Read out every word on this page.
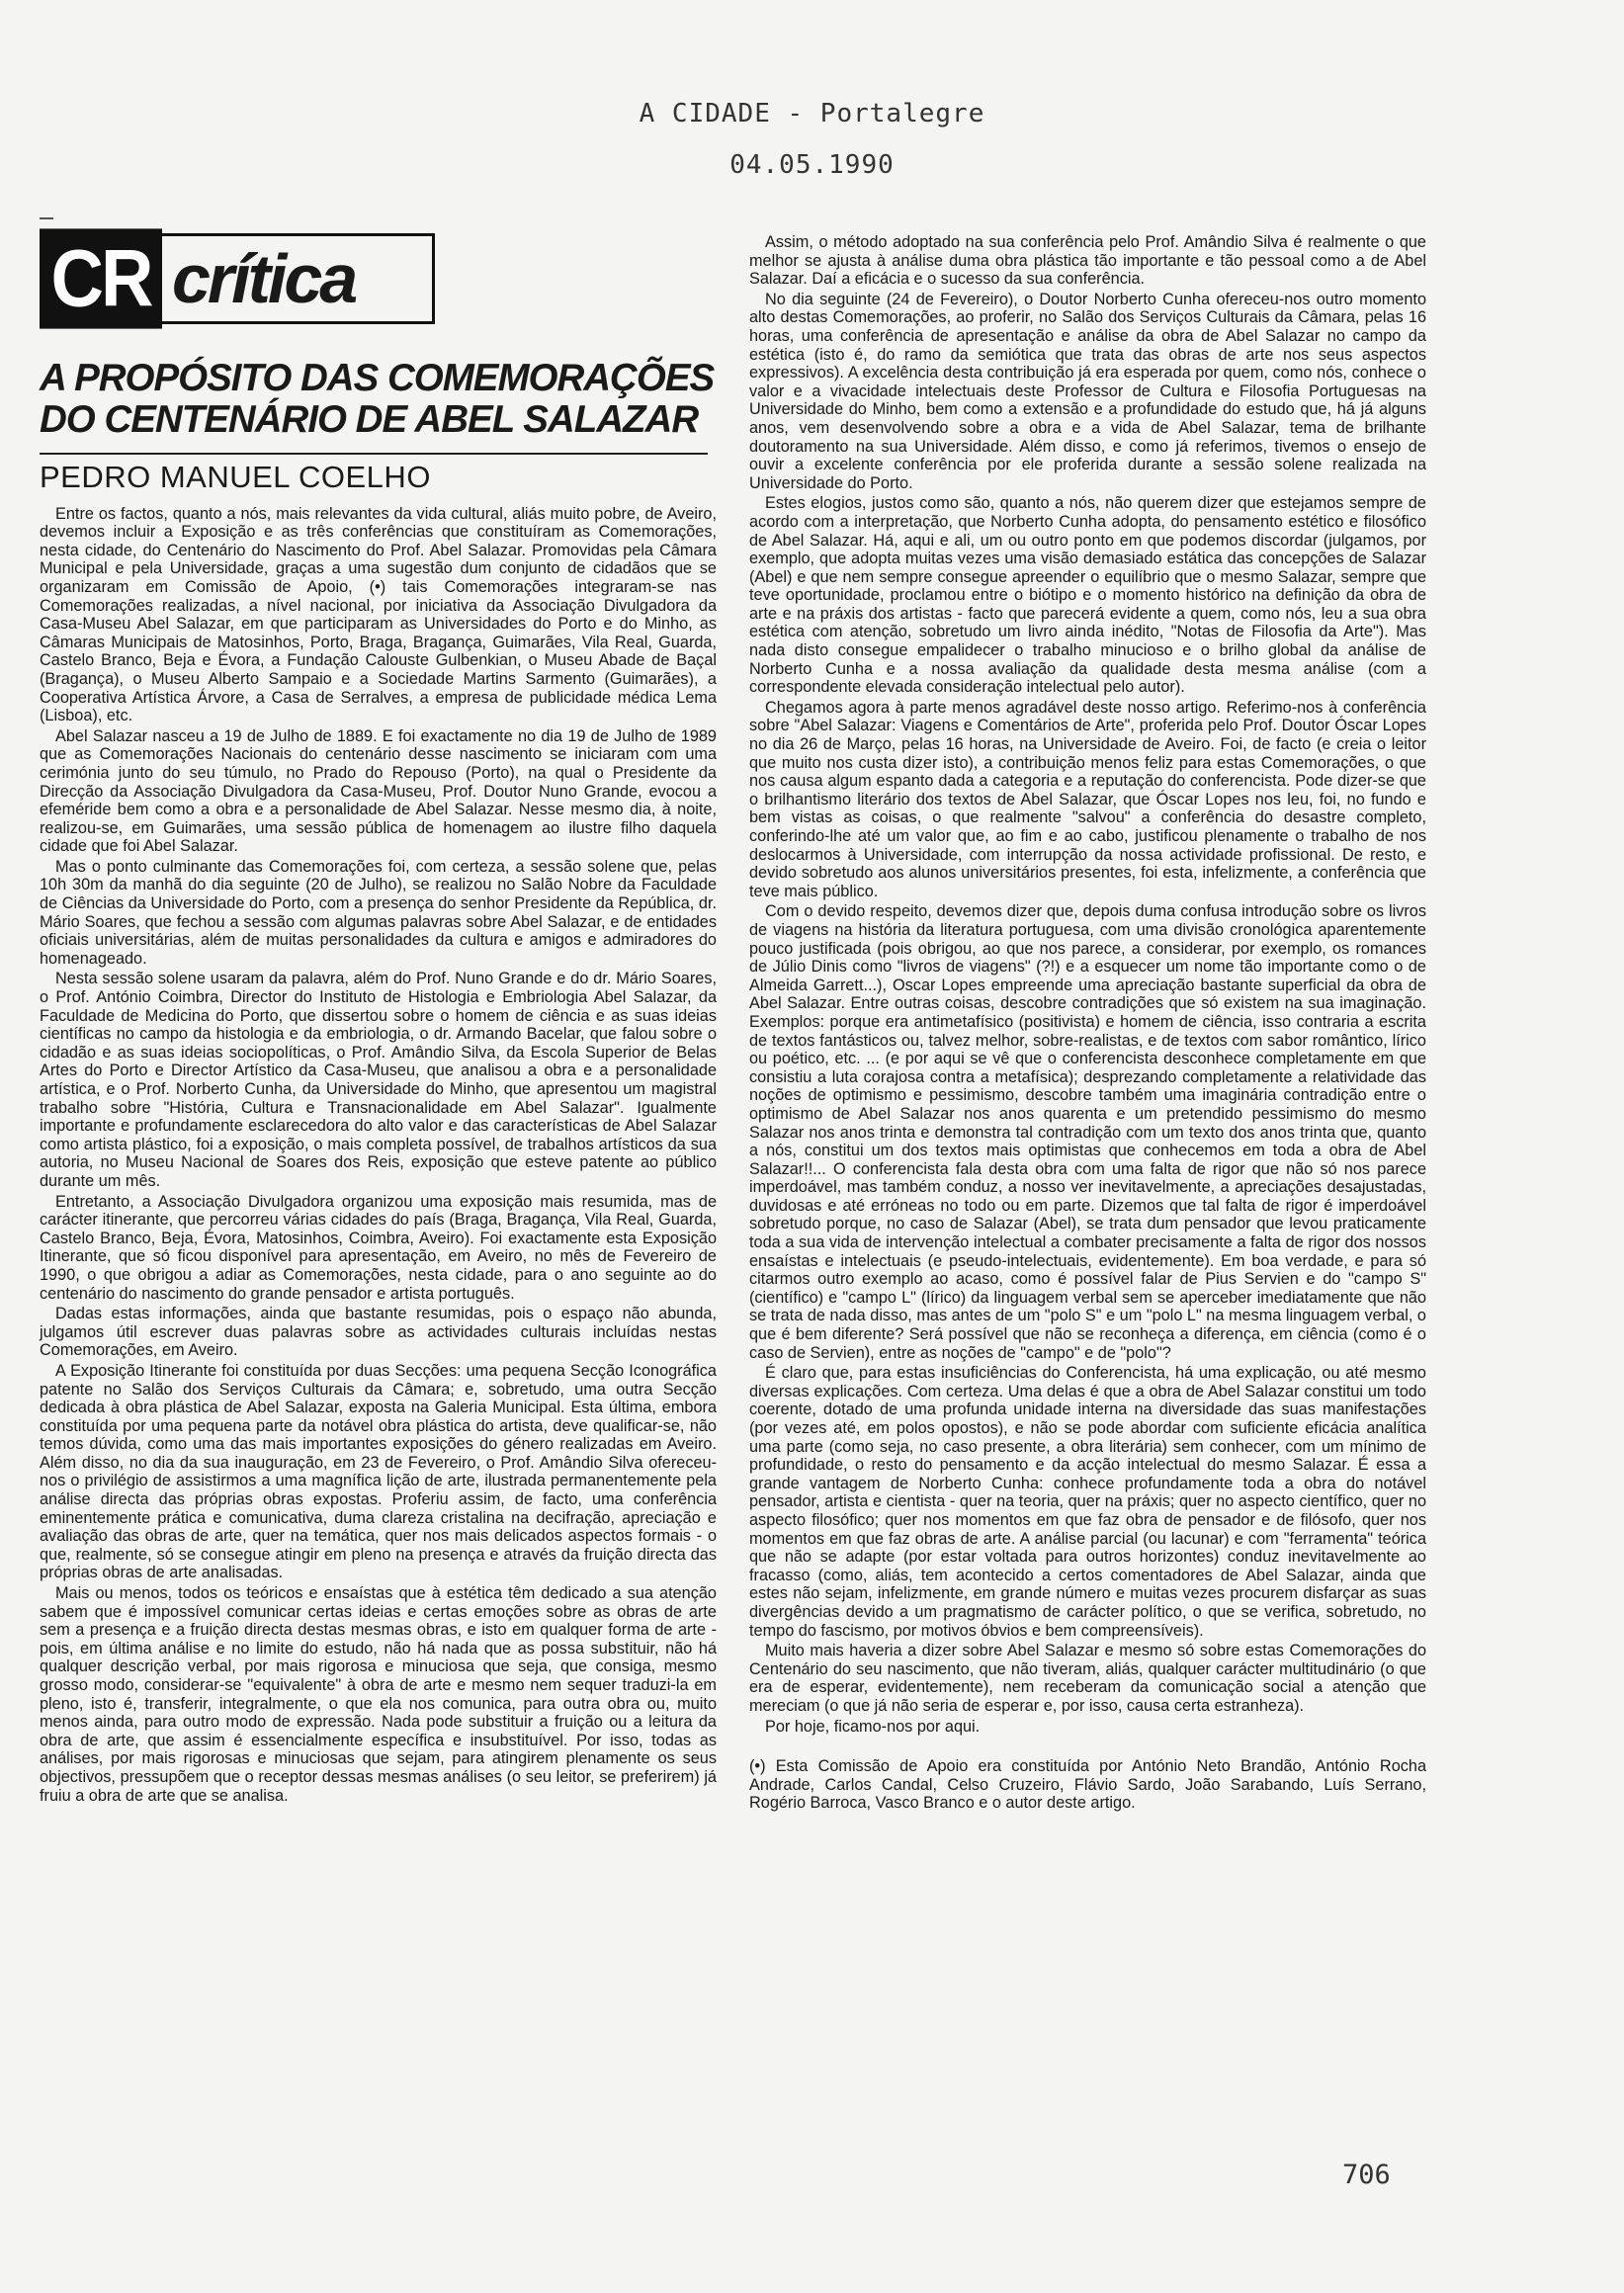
A CIDADE - Portalegre
04.05.1990
CR crítica
A PROPÓSITO DAS COMEMORAÇÕES
DO CENTENÁRIO DE ABEL SALAZAR
PEDRO MANUEL COELHO

Entre os factos, quanto a nós, mais relevantes da vida cultural, aliás muito pobre, de Aveiro, devemos incluir a Exposição e as três conferências que constituíram as Comemorações, nesta cidade, do Centenário do Nascimento do Prof. Abel Salazar. Promovidas pela Câmara Municipal e pela Universidade, graças a uma sugestão dum conjunto de cidadãos que se organizaram em Comissão de Apoio, (•) tais Comemorações integraram-se nas Comemorações realizadas, a nível nacional, por iniciativa da Associação Divulgadora da Casa-Museu Abel Salazar, em que participaram as Universidades do Porto e do Minho, as Câmaras Municipais de Matosinhos, Porto, Braga, Bragança, Guimarães, Vila Real, Guarda, Castelo Branco, Beja e Évora, a Fundação Calouste Gulbenkian, o Museu Abade de Baçal (Bragança), o Museu Alberto Sampaio e a Sociedade Martins Sarmento (Guimarães), a Cooperativa Artística Árvore, a Casa de Serralves, a empresa de publicidade médica Lema (Lisboa), etc.

Abel Salazar nasceu a 19 de Julho de 1889. E foi exactamente no dia 19 de Julho de 1989 que as Comemorações Nacionais do centenário desse nascimento se iniciaram com uma cerimónia junto do seu túmulo, no Prado do Repouso (Porto), na qual o Presidente da Direcção da Associação Divulgadora da Casa-Museu, Prof. Doutor Nuno Grande, evocou a efeméride bem como a obra e a personalidade de Abel Salazar. Nesse mesmo dia, à noite, realizou-se, em Guimarães, uma sessão pública de homenagem ao ilustre filho daquela cidade que foi Abel Salazar.

Mas o ponto culminante das Comemorações foi, com certeza, a sessão solene que, pelas 10h 30m da manhã do dia seguinte (20 de Julho), se realizou no Salão Nobre da Faculdade de Ciências da Universidade do Porto, com a presença do senhor Presidente da República, dr. Mário Soares, que fechou a sessão com algumas palavras sobre Abel Salazar, e de entidades oficiais universitárias, além de muitas personalidades da cultura e amigos e admiradores do homenageado.

Nesta sessão solene usaram da palavra, além do Prof. Nuno Grande e do dr. Mário Soares, o Prof. António Coimbra, Director do Instituto de Histologia e Embriologia Abel Salazar, da Faculdade de Medicina do Porto, que dissertou sobre o homem de ciência e as suas ideias científicas no campo da histologia e da embriologia, o dr. Armando Bacelar, que falou sobre o cidadão e as suas ideias sociopolíticas, o Prof. Amândio Silva, da Escola Superior de Belas Artes do Porto e Director Artístico da Casa-Museu, que analisou a obra e a personalidade artística, e o Prof. Norberto Cunha, da Universidade do Minho, que apresentou um magistral trabalho sobre "História, Cultura e Transnacionalidade em Abel Salazar". Igualmente importante e profundamente esclarecedora do alto valor e das características de Abel Salazar como artista plástico, foi a exposição, o mais completa possível, de trabalhos artísticos da sua autoria, no Museu Nacional de Soares dos Reis, exposição que esteve patente ao público durante um mês.

Entretanto, a Associação Divulgadora organizou uma exposição mais resumida, mas de carácter itinerante, que percorreu várias cidades do país (Braga, Bragança, Vila Real, Guarda, Castelo Branco, Beja, Évora, Matosinhos, Coimbra, Aveiro). Foi exactamente esta Exposição Itinerante, que só ficou disponível para apresentação, em Aveiro, no mês de Fevereiro de 1990, o que obrigou a adiar as Comemorações, nesta cidade, para o ano seguinte ao do centenário do nascimento do grande pensador e artista português.

Dadas estas informações, ainda que bastante resumidas, pois o espaço não abunda, julgamos útil escrever duas palavras sobre as actividades culturais incluídas nestas Comemorações, em Aveiro.

A Exposição Itinerante foi constituída por duas Secções: uma pequena Secção Iconográfica patente no Salão dos Serviços Culturais da Câmara; e, sobretudo, uma outra Secção dedicada à obra plástica de Abel Salazar, exposta na Galeria Municipal. Esta última, embora constituída por uma pequena parte da notável obra plástica do artista, deve qualificar-se, não temos dúvida, como uma das mais importantes exposições do género realizadas em Aveiro. Além disso, no dia da sua inauguração, em 23 de Fevereiro, o Prof. Amândio Silva ofereceu-nos o privilégio de assistirmos a uma magnífica lição de arte, ilustrada permanentemente pela análise directa das próprias obras expostas. Proferiu assim, de facto, uma conferência eminentemente prática e comunicativa, duma clareza cristalina na decifração, apreciação e avaliação das obras de arte, quer na temática, quer nos mais delicados aspectos formais - o que, realmente, só se consegue atingir em pleno na presença e através da fruição directa das próprias obras de arte analisadas.

Mais ou menos, todos os teóricos e ensaístas que à estética têm dedicado a sua atenção sabem que é impossível comunicar certas ideias e certas emoções sobre as obras de arte sem a presença e a fruição directa destas mesmas obras, e isto em qualquer forma de arte - pois, em última análise e no limite do estudo, não há nada que as possa substituir, não há qualquer descrição verbal, por mais rigorosa e minuciosa que seja, que consiga, mesmo grosso modo, considerar-se "equivalente" à obra de arte e mesmo nem sequer traduzi-la em pleno, isto é, transferir, integralmente, o que ela nos comunica, para outra obra ou, muito menos ainda, para outro modo de expressão. Nada pode substituir a fruição ou a leitura da obra de arte, que assim é essencialmente específica e insubstituível. Por isso, todas as análises, por mais rigorosas e minuciosas que sejam, para atingirem plenamente os seus objectivos, pressupõem que o receptor dessas mesmas análises (o seu leitor, se preferirem) já fruiu a obra de arte que se analisa.

Assim, o método adoptado na sua conferência pelo Prof. Amândio Silva é realmente o que melhor se ajusta à análise duma obra plástica tão importante e tão pessoal como a de Abel Salazar. Daí a eficácia e o sucesso da sua conferência.

No dia seguinte (24 de Fevereiro), o Doutor Norberto Cunha ofereceu-nos outro momento alto destas Comemorações, ao proferir, no Salão dos Serviços Culturais da Câmara, pelas 16 horas, uma conferência de apresentação e análise da obra de Abel Salazar no campo da estética (isto é, do ramo da semiótica que trata das obras de arte nos seus aspectos expressivos). A excelência desta contribuição já era esperada por quem, como nós, conhece o valor e a vivacidade intelectuais deste Professor de Cultura e Filosofia Portuguesas na Universidade do Minho, bem como a extensão e a profundidade do estudo que, há já alguns anos, vem desenvolvendo sobre a obra e a vida de Abel Salazar, tema de brilhante doutoramento na sua Universidade. Além disso, e como já referimos, tivemos o ensejo de ouvir a excelente conferência por ele proferida durante a sessão solene realizada na Universidade do Porto.

Estes elogios, justos como são, quanto a nós, não querem dizer que estejamos sempre de acordo com a interpretação, que Norberto Cunha adopta, do pensamento estético e filosófico de Abel Salazar. Há, aqui e ali, um ou outro ponto em que podemos discordar (julgamos, por exemplo, que adopta muitas vezes uma visão demasiado estática das concepções de Salazar (Abel) e que nem sempre consegue apreender o equilíbrio que o mesmo Salazar, sempre que teve oportunidade, proclamou entre o biótipo e o momento histórico na definição da obra de arte e na práxis dos artistas - facto que parecerá evidente a quem, como nós, leu a sua obra estética com atenção, sobretudo um livro ainda inédito, "Notas de Filosofia da Arte"). Mas nada disto consegue empalidecer o trabalho minucioso e o brilho global da análise de Norberto Cunha e a nossa avaliação da qualidade desta mesma análise (com a correspondente elevada consideração intelectual pelo autor).

Chegamos agora à parte menos agradável deste nosso artigo. Referimo-nos à conferência sobre "Abel Salazar: Viagens e Comentários de Arte", proferida pelo Prof. Doutor Óscar Lopes no dia 26 de Março, pelas 16 horas, na Universidade de Aveiro. Foi, de facto (e creia o leitor que muito nos custa dizer isto), a contribuição menos feliz para estas Comemorações, o que nos causa algum espanto dada a categoria e a reputação do conferencista. Pode dizer-se que o brilhantismo literário dos textos de Abel Salazar, que Óscar Lopes nos leu, foi, no fundo e bem vistas as coisas, o que realmente "salvou" a conferência do desastre completo, conferindo-lhe até um valor que, ao fim e ao cabo, justificou plenamente o trabalho de nos deslocarmos à Universidade, com interrupção da nossa actividade profissional. De resto, e devido sobretudo aos alunos universitários presentes, foi esta, infelizmente, a conferência que teve mais público.

Com o devido respeito, devemos dizer que, depois duma confusa introdução sobre os livros de viagens na história da literatura portuguesa, com uma divisão cronológica aparentemente pouco justificada (pois obrigou, ao que nos parece, a considerar, por exemplo, os romances de Júlio Dinis como "livros de viagens" (?!) e a esquecer um nome tão importante como o de Almeida Garrett...), Oscar Lopes empreende uma apreciação bastante superficial da obra de Abel Salazar. Entre outras coisas, descobre contradições que só existem na sua imaginação. Exemplos: porque era antimetafísico (positivista) e homem de ciência, isso contraria a escrita de textos fantásticos ou, talvez melhor, sobre-realistas, e de textos com sabor romântico, lírico ou poético, etc. ... (e por aqui se vê que o conferencista desconhece completamente em que consistiu a luta corajosa contra a metafísica); desprezando completamente a relatividade das noções de optimismo e pessimismo, descobre também uma imaginária contradição entre o optimismo de Abel Salazar nos anos quarenta e um pretendido pessimismo do mesmo Salazar nos anos trinta e demonstra tal contradição com um texto dos anos trinta que, quanto a nós, constitui um dos textos mais optimistas que conhecemos em toda a obra de Abel Salazar!!... O conferencista fala desta obra com uma falta de rigor que não só nos parece imperdoável, mas também conduz, a nosso ver inevitavelmente, a apreciações desajustadas, duvidosas e até erróneas no todo ou em parte. Dizemos que tal falta de rigor é imperdoável sobretudo porque, no caso de Salazar (Abel), se trata dum pensador que levou praticamente toda a sua vida de intervenção intelectual a combater precisamente a falta de rigor dos nossos ensaístas e intelectuais (e pseudo-intelectuais, evidentemente). Em boa verdade, e para só citarmos outro exemplo ao acaso, como é possível falar de Pius Servien e do "campo S" (científico) e "campo L" (lírico) da linguagem verbal sem se aperceber imediatamente que não se trata de nada disso, mas antes de um "polo S" e um "polo L" na mesma linguagem verbal, o que é bem diferente? Será possível que não se reconheça a diferença, em ciência (como é o caso de Servien), entre as noções de "campo" e de "polo"?

É claro que, para estas insuficiências do Conferencista, há uma explicação, ou até mesmo diversas explicações. Com certeza. Uma delas é que a obra de Abel Salazar constitui um todo coerente, dotado de uma profunda unidade interna na diversidade das suas manifestações (por vezes até, em polos opostos), e não se pode abordar com suficiente eficácia analítica uma parte (como seja, no caso presente, a obra literária) sem conhecer, com um mínimo de profundidade, o resto do pensamento e da acção intelectual do mesmo Salazar. É essa a grande vantagem de Norberto Cunha: conhece profundamente toda a obra do notável pensador, artista e cientista - quer na teoria, quer na práxis; quer no aspecto científico, quer no aspecto filosófico; quer nos momentos em que faz obra de pensador e de filósofo, quer nos momentos em que faz obras de arte. A análise parcial (ou lacunar) e com "ferramenta" teórica que não se adapte (por estar voltada para outros horizontes) conduz inevitavelmente ao fracasso (como, aliás, tem acontecido a certos comentadores de Abel Salazar, ainda que estes não sejam, infelizmente, em grande número e muitas vezes procurem disfarçar as suas divergências devido a um pragmatismo de carácter político, o que se verifica, sobretudo, no tempo do fascismo, por motivos óbvios e bem compreensíveis).

Muito mais haveria a dizer sobre Abel Salazar e mesmo só sobre estas Comemorações do Centenário do seu nascimento, que não tiveram, aliás, qualquer carácter multitudinário (o que era de esperar, evidentemente), nem receberam da comunicação social a atenção que mereciam (o que já não seria de esperar e, por isso, causa certa estranheza).

Por hoje, ficamo-nos por aqui.

(•) Esta Comissão de Apoio era constituída por António Neto Brandão, António Rocha Andrade, Carlos Candal, Celso Cruzeiro, Flávio Sardo, João Sarabando, Luís Serrano, Rogério Barroca, Vasco Branco e o autor deste artigo.

706
